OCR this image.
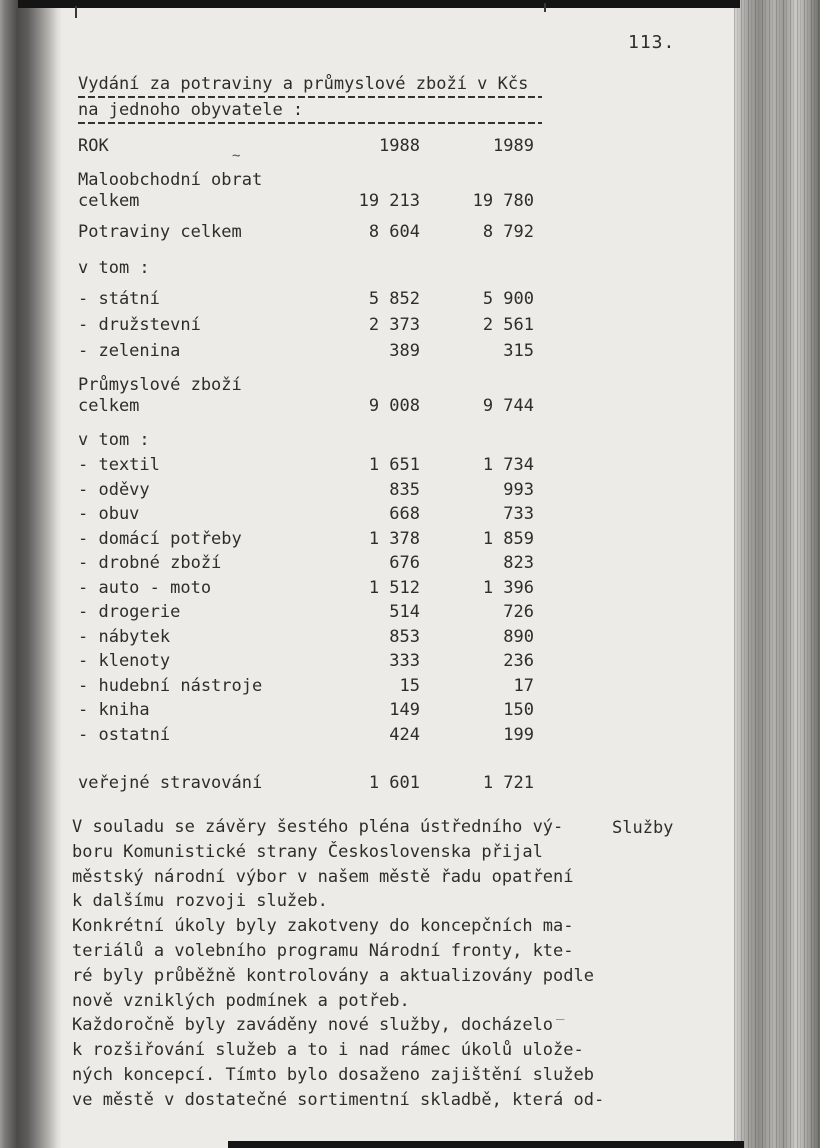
~
_
113.
Vydání za potraviny a průmyslové zboží v Kčs
na jednoho obyvatele :
ROK	1988	1989
Maloobchodní obrat
celkem	19 213	19 780
Potraviny celkem	8 604	8 792
v tom :
- státní	5 852	5 900
- družstevní	2 373	2 561
- zelenina	389	315
Průmyslové zboží
celkem	9 008	9 744
v tom :
- textil	1 651	1 734
- oděvy	835	993
- obuv	668	733
- domácí potřeby	1 378	1 859
- drobné zboží	676	823
- auto - moto	1 512	1 396
- drogerie	514	726
- nábytek	853	890
- klenoty	333	236
- hudební nástroje	15	17
- kniha	149	150
- ostatní	424	199
veřejné stravování	1 601	1 721
Služby
V souladu se závěry šestého pléna ústředního vý-
boru Komunistické strany Československa přijal
městský národní výbor v našem městě řadu opatření
k dalšímu rozvoji služeb.
Konkrétní úkoly byly zakotveny do koncepčních ma-
teriálů a volebního programu Národní fronty, kte-
ré byly průběžně kontrolovány a aktualizovány podle
nově vzniklých podmínek a potřeb.
Každoročně byly zaváděny nové služby, docházelo
k rozšiřování služeb a to i nad rámec úkolů ulože-
ných koncepcí. Tímto bylo dosaženo zajištění služeb
ve městě v dostatečné sortimentní skladbě, která od-
